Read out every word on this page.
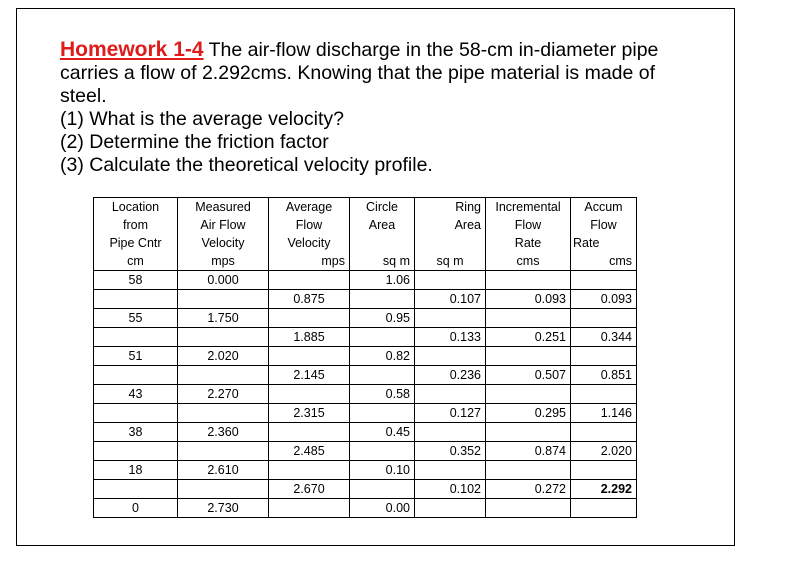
Homework 1-4 The air-flow discharge in the 58-cm in-diameter pipe carries a flow of 2.292cms. Knowing that the pipe material is made of steel.

(1) What is the average velocity?

(2) Determine the friction factor

(3) Calculate the theoretical velocity profile.

Location	Measured	Average	Circle	Ring	Incremental	Accum
from	Air Flow	Flow	Area	Area	Flow	Flow
Pipe Cntr	Velocity	Velocity			Rate	Rate
cm	mps	mps	sq m	sq m	cms	cms
58	0.000		1.06			
		0.875		0.107	0.093	0.093
55	1.750		0.95			
		1.885		0.133	0.251	0.344
51	2.020		0.82			
		2.145		0.236	0.507	0.851
43	2.270		0.58			
		2.315		0.127	0.295	1.146
38	2.360		0.45			
		2.485		0.352	0.874	2.020
18	2.610		0.10			
		2.670		0.102	0.272	2.292
0	2.730		0.00			
